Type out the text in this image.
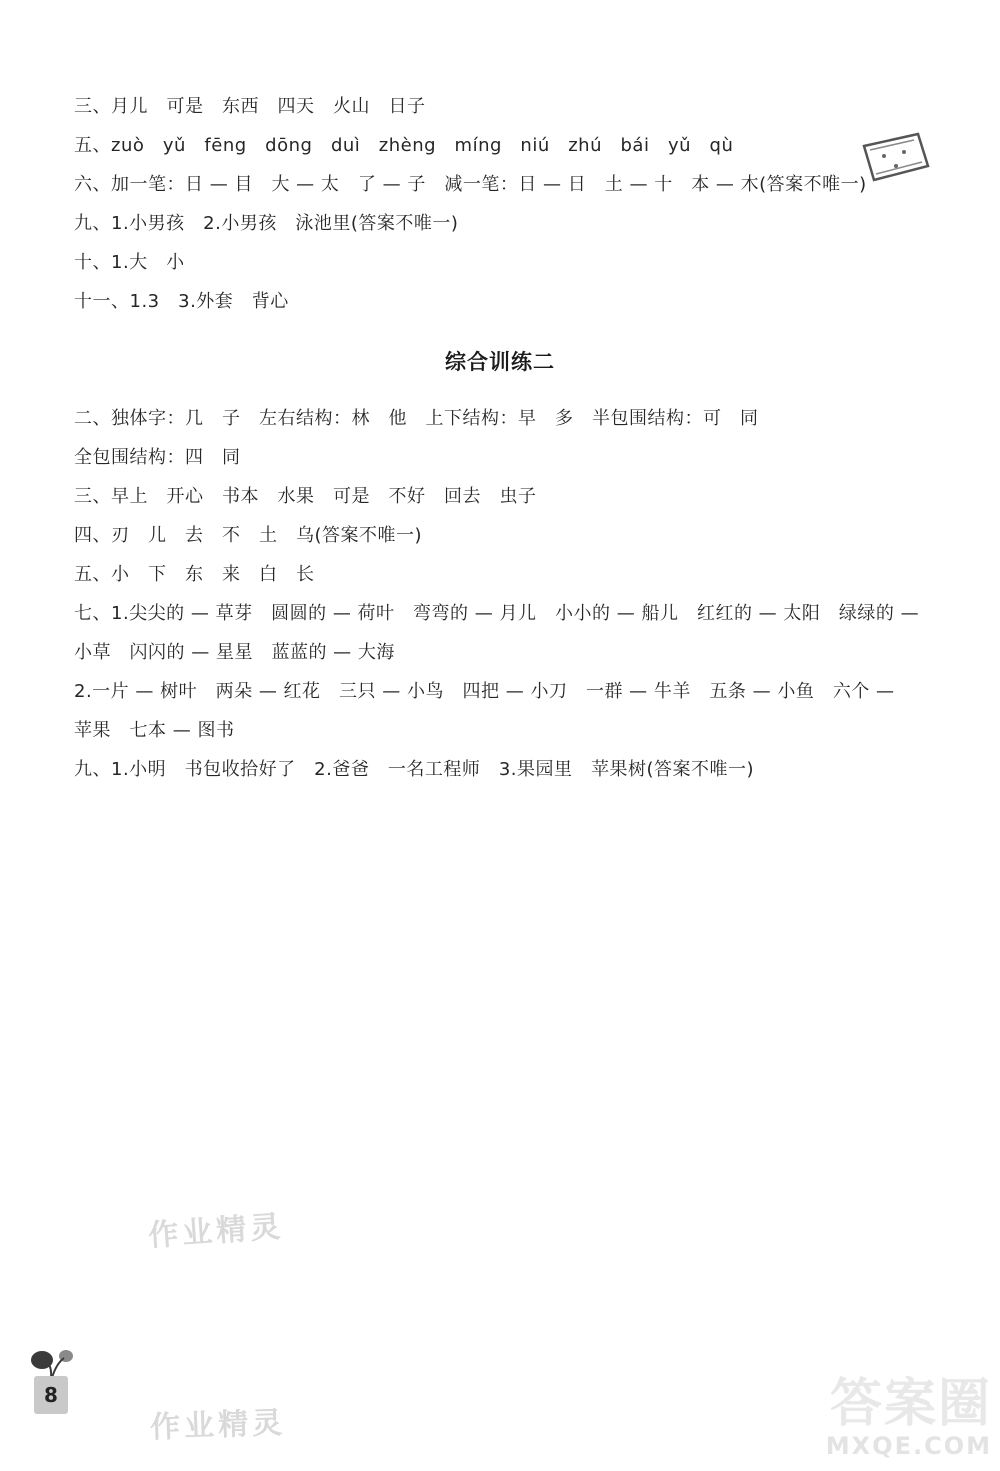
三、月儿　可是　东西　四天　火山　日子
五、zuò　yǔ　fēng　dōng　duì　zhèng　míng　niú　zhú　bái　yǔ　qù
六、加一笔：日 — 目　大 — 太　了 — 子　减一笔：日 — 日　土 — 十　本 — 木(答案不唯一)
九、1.小男孩　2.小男孩　泳池里(答案不唯一)
十、1.大　小
十一、1.3　3.外套　背心
综合训练二
二、独体字：几　子　左右结构：林　他　上下结构：早　多　半包围结构：可　同
全包围结构：四　同
三、早上　开心　书本　水果　可是　不好　回去　虫子
四、刃　儿　去　不　土　乌(答案不唯一)
五、小　下　东　来　白　长
七、1.尖尖的 — 草芽　圆圆的 — 荷叶　弯弯的 — 月儿　小小的 — 船儿　红红的 — 太阳　绿绿的 —
小草　闪闪的 — 星星　蓝蓝的 — 大海
2.一片 — 树叶　两朵 — 红花　三只 — 小鸟　四把 — 小刀　一群 — 牛羊　五条 — 小鱼　六个 —
苹果　七本 — 图书
九、1.小明　书包收拾好了　2.爸爸　一名工程师　3.果园里　苹果树(答案不唯一)
作业精灵
作业精灵
8	答案圈
MXQE.COM
